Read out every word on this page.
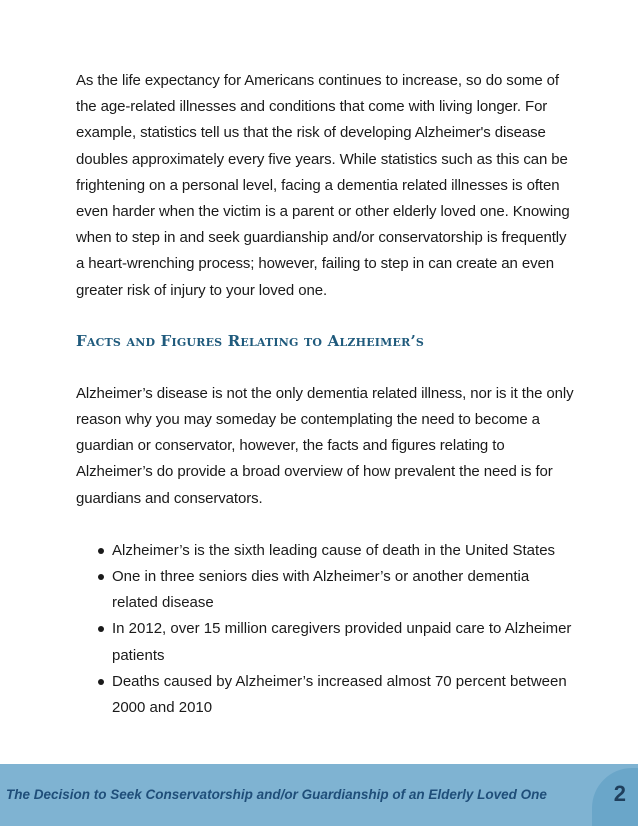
As the life expectancy for Americans continues to increase, so do some of the age-related illnesses and conditions that come with living longer. For example, statistics tell us that the risk of developing Alzheimer's disease doubles approximately every five years. While statistics such as this can be frightening on a personal level, facing a dementia related illnesses is often even harder when the victim is a parent or other elderly loved one. Knowing when to step in and seek guardianship and/or conservatorship is frequently a heart-wrenching process; however, failing to step in can create an even greater risk of injury to your loved one.

Facts and Figures Relating to Alzheimer’s

Alzheimer’s disease is not the only dementia related illness, nor is it the only reason why you may someday be contemplating the need to become a guardian or conservator, however, the facts and figures relating to Alzheimer’s do provide a broad overview of how prevalent the need is for guardians and conservators.

Alzheimer’s is the sixth leading cause of death in the United States
One in three seniors dies with Alzheimer’s or another dementia related disease
In 2012, over 15 million caregivers provided unpaid care to Alzheimer patients
Deaths caused by Alzheimer’s increased almost 70 percent between 2000 and 2010
The Decision to Seek Conservatorship and/or Guardianship of an Elderly Loved One	2
